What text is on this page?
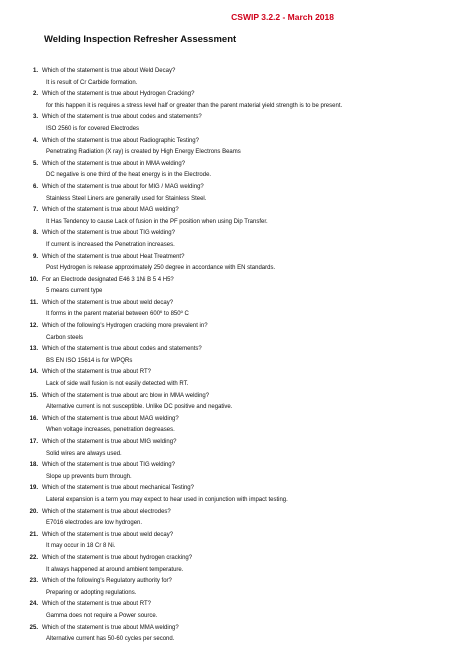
CSWIP 3.2.2 - March 2018
Welding Inspection Refresher Assessment
1. Which of the statement is true about Weld Decay?
It is result of Cr Carbide formation.
2. Which of the statement is true about Hydrogen Cracking?
for this happen it is requires a stress level half or greater than the parent material yield strength is to be present.
3. Which of the statement is true about codes and statements?
ISO 2560 is for covered Electrodes
4. Which of the statement is true about Radiographic Testing?
Penetrating Radiation (X ray) is created by High Energy Electrons Beams
5. Which of the statement is true about in MMA welding?
DC negative is one third of the heat energy is in the Electrode.
6. Which of the statement is true about for MIG / MAG welding?
Stainless Steel Liners are generally used for Stainless Steel.
7. Which of the statement is true about MAG welding?
It Has Tendency to cause Lack of fusion in the PF position when using Dip Transfer.
8. Which of the statement is true about TIG welding?
If current is increased the Penetration increases.
9. Which of the statement is true about Heat Treatment?
Post Hydrogen is release approximately 250 degree in accordance with EN standards.
10. For an Electrode designated E46 3 1Ni B 5 4 H5?
5 means current type
11. Which of the statement is true about weld decay?
It forms in the parent material between 600º to 850º C
12. Which of the following's Hydrogen cracking more prevalent in?
Carbon steels
13. Which of the statement is true about codes and statements?
BS EN ISO 15614 is for WPQRs
14. Which of the statement is true about RT?
Lack of side wall fusion is not easily detected with RT.
15. Which of the statement is true about arc blow in MMA welding?
Alternative current is not susceptible. Unlike DC positive and negative.
16. Which of the statement is true about MAG welding?
When voltage increases, penetration degreases.
17. Which of the statement is true about MIG welding?
Solid wires are always used.
18. Which of the statement is true about TIG welding?
Slope up prevents burn through.
19. Which of the statement is true about mechanical Testing?
Lateral expansion is a term you may expect to hear used in conjunction with impact testing.
20. Which of the statement is true about electrodes?
E7016 electrodes are low hydrogen.
21. Which of the statement is true about weld decay?
It may occur in 18 Cr 8 Ni.
22. Which of the statement is true about hydrogen cracking?
It always happened at around ambient temperature.
23. Which of the following's Regulatory authority for?
Preparing or adopting regulations.
24. Which of the statement is true about RT?
Gamma does not require a Power source.
25. Which of the statement is true about MMA welding?
Alternative current has 50-60 cycles per second.
